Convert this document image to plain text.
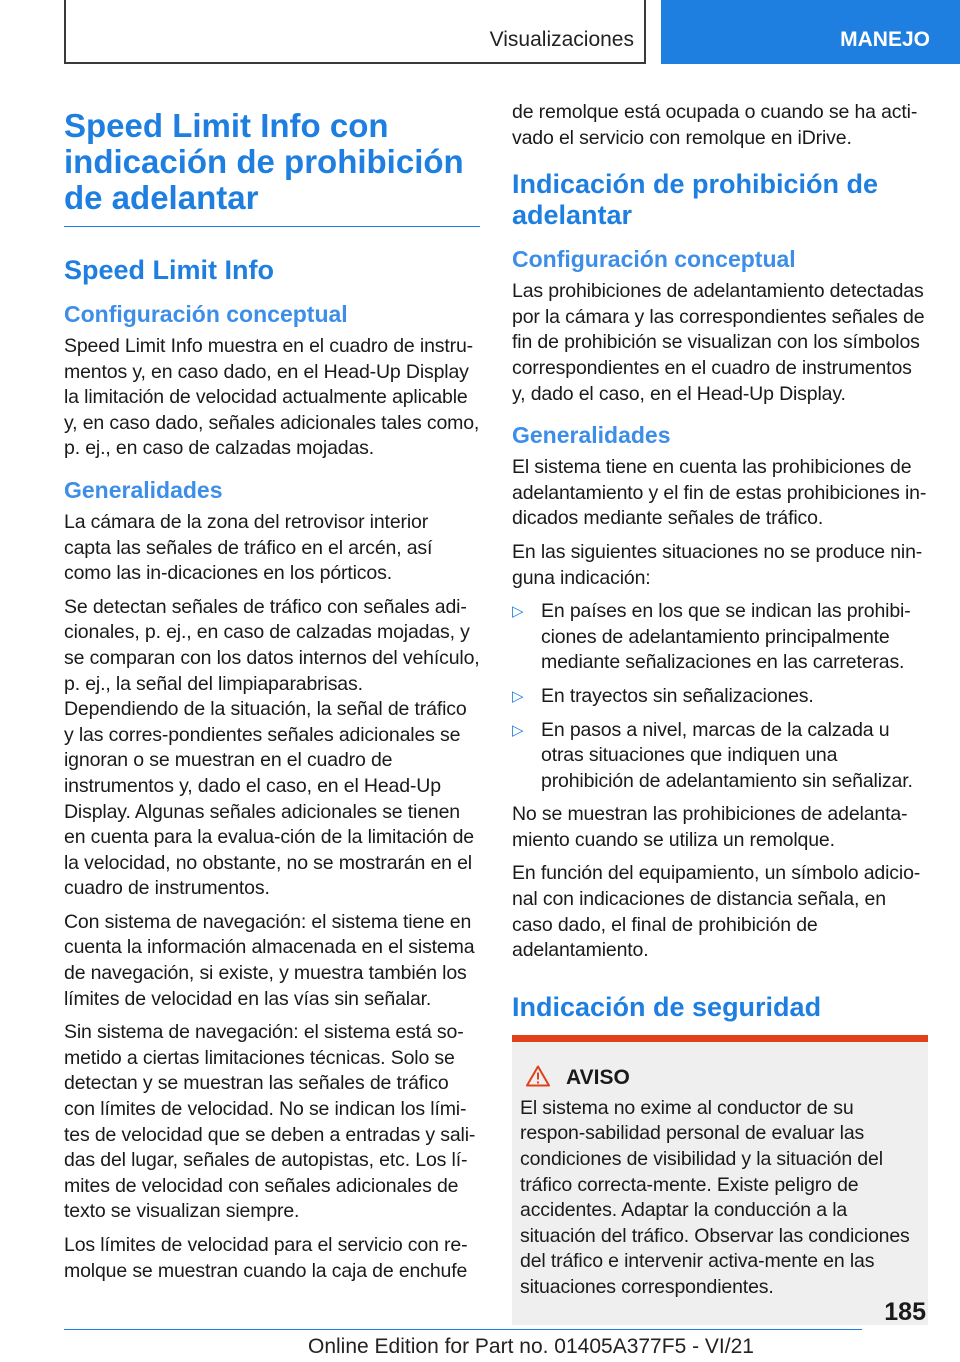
Visualizaciones	MANEJO
Speed Limit Info con indicación de prohibición de adelantar
Speed Limit Info
Configuración conceptual

Speed Limit Info muestra en el cuadro de instru-mentos y, en caso dado, en el Head-Up Display la limitación de velocidad actualmente aplicable y, en caso dado, señales adicionales tales como, p. ej., en caso de calzadas mojadas.

Generalidades

La cámara de la zona del retrovisor interior capta las señales de tráfico en el arcén, así como las in-dicaciones en los pórticos.

Se detectan señales de tráfico con señales adi-cionales, p. ej., en caso de calzadas mojadas, y se comparan con los datos internos del vehículo, p. ej., la señal del limpiaparabrisas. Dependiendo de la situación, la señal de tráfico y las corres-pondientes señales adicionales se ignoran o se muestran en el cuadro de instrumentos y, dado el caso, en el Head-Up Display. Algunas señales adicionales se tienen en cuenta para la evalua-ción de la limitación de la velocidad, no obstante, no se mostrarán en el cuadro de instrumentos.

Con sistema de navegación: el sistema tiene en cuenta la información almacenada en el sistema de navegación, si existe, y muestra también los límites de velocidad en las vías sin señalar.

Sin sistema de navegación: el sistema está so-metido a ciertas limitaciones técnicas. Solo se detectan y se muestran las señales de tráfico con límites de velocidad. No se indican los lími-tes de velocidad que se deben a entradas y sali-das del lugar, señales de autopistas, etc. Los lí-mites de velocidad con señales adicionales de texto se visualizan siempre.

Los límites de velocidad para el servicio con re-molque se muestran cuando la caja de enchufe

de remolque está ocupada o cuando se ha acti-vado el servicio con remolque en iDrive.

Indicación de prohibición de adelantar
Configuración conceptual

Las prohibiciones de adelantamiento detectadas por la cámara y las correspondientes señales de fin de prohibición se visualizan con los símbolos correspondientes en el cuadro de instrumentos y, dado el caso, en el Head-Up Display.

Generalidades

El sistema tiene en cuenta las prohibiciones de adelantamiento y el fin de estas prohibiciones in-dicados mediante señales de tráfico.

En las siguientes situaciones no se produce nin-guna indicación:

▷ En países en los que se indican las prohibi-ciones de adelantamiento principalmente mediante señalizaciones en las carreteras.
▷ En trayectos sin señalizaciones.
▷ En pasos a nivel, marcas de la calzada u otras situaciones que indiquen una prohibición de adelantamiento sin señalizar.

No se muestran las prohibiciones de adelanta-miento cuando se utiliza un remolque.

En función del equipamiento, un símbolo adicio-nal con indicaciones de distancia señala, en caso dado, el final de prohibición de adelantamiento.

Indicación de seguridad
AVISO

El sistema no exime al conductor de su respon-sabilidad personal de evaluar las condiciones de visibilidad y la situación del tráfico correcta-mente. Existe peligro de accidentes. Adaptar la conducción a la situación del tráfico. Observar las condiciones del tráfico e intervenir activa-mente en las situaciones correspondientes.

185
Online Edition for Part no. 01405A377F5 - VI/21
